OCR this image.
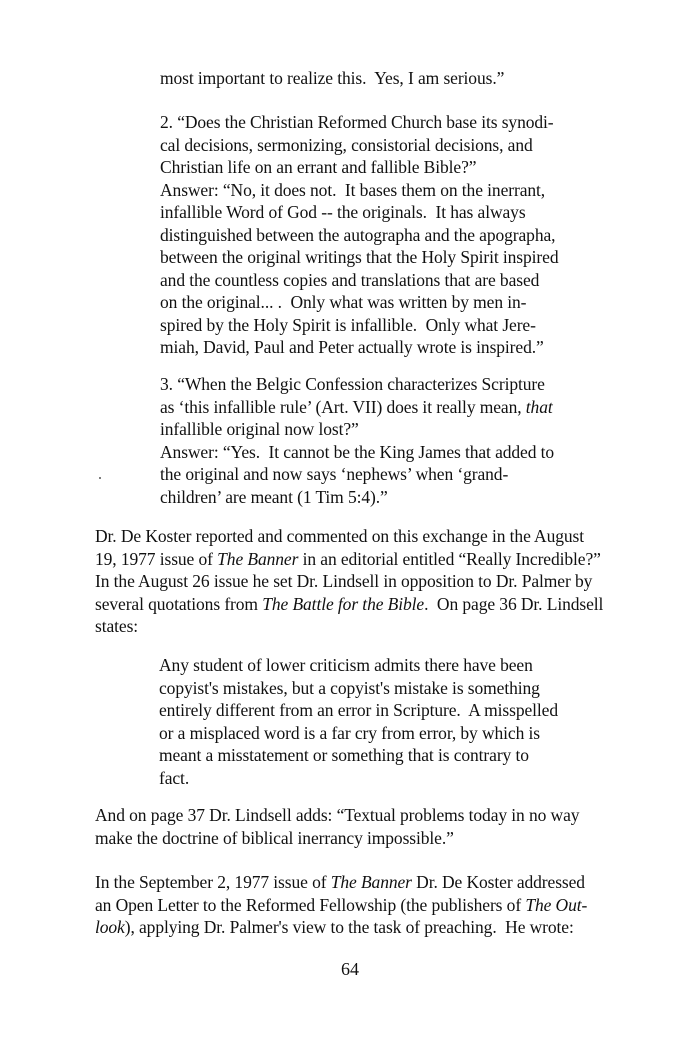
most important to realize this.  Yes, I am serious.”
2. “Does the Christian Reformed Church base its synodi-
cal decisions, sermonizing, consistorial decisions, and
Christian life on an errant and fallible Bible?”
Answer: “No, it does not.  It bases them on the inerrant,
infallible Word of God -- the originals.  It has always
distinguished between the autographa and the apographa,
between the original writings that the Holy Spirit inspired
and the countless copies and translations that are based
on the original... .  Only what was written by men in-
spired by the Holy Spirit is infallible.  Only what Jere-
miah, David, Paul and Peter actually wrote is inspired.”
3. “When the Belgic Confession characterizes Scripture
as ‘this infallible rule’ (Art. VII) does it really mean, that
infallible original now lost?”
Answer: “Yes.  It cannot be the King James that added to
the original and now says ‘nephews’ when ‘grand-
children’ are meant (1 Tim 5:4).”
Dr. De Koster reported and commented on this exchange in the August
19, 1977 issue of The Banner in an editorial entitled “Really Incredible?”
In the August 26 issue he set Dr. Lindsell in opposition to Dr. Palmer by
several quotations from The Battle for the Bible.  On page 36 Dr. Lindsell
states:
Any student of lower criticism admits there have been
copyist's mistakes, but a copyist's mistake is something
entirely different from an error in Scripture.  A misspelled
or a misplaced word is a far cry from error, by which is
meant a misstatement or something that is contrary to
fact.
And on page 37 Dr. Lindsell adds: “Textual problems today in no way
make the doctrine of biblical inerrancy impossible.”
In the September 2, 1977 issue of The Banner Dr. De Koster addressed
an Open Letter to the Reformed Fellowship (the publishers of The Out-
look), applying Dr. Palmer's view to the task of preaching.  He wrote:
64
